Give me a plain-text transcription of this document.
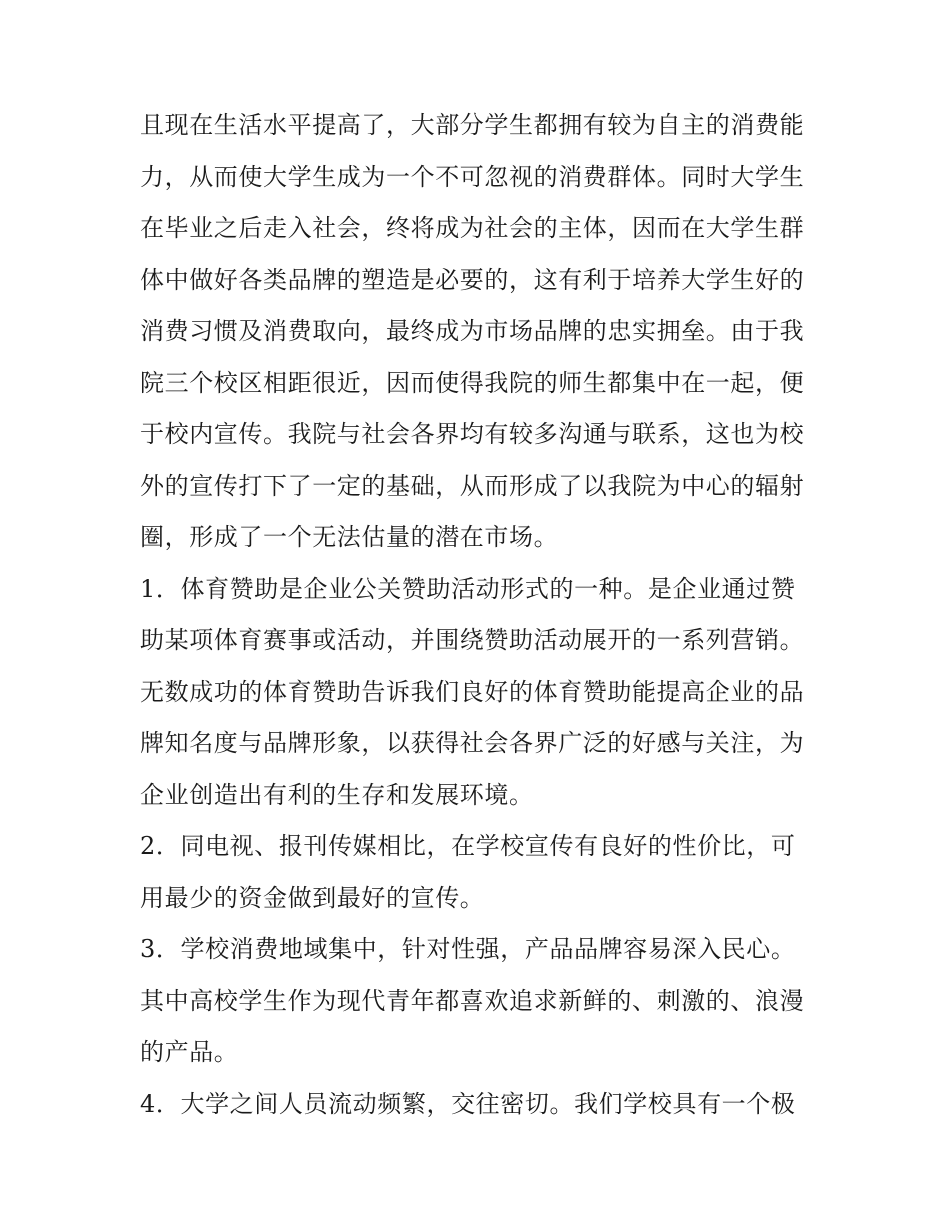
且现在生活水平提高了，大部分学生都拥有较为自主的消费能
力，从而使大学生成为一个不可忽视的消费群体。同时大学生
在毕业之后走入社会，终将成为社会的主体，因而在大学生群
体中做好各类品牌的塑造是必要的，这有利于培养大学生好的
消费习惯及消费取向，最终成为市场品牌的忠实拥垒。由于我
院三个校区相距很近，因而使得我院的师生都集中在一起，便
于校内宣传。我院与社会各界均有较多沟通与联系，这也为校
外的宣传打下了一定的基础，从而形成了以我院为中心的辐射
圈，形成了一个无法估量的潜在市场。
1．体育赞助是企业公关赞助活动形式的一种。是企业通过赞
助某项体育赛事或活动，并围绕赞助活动展开的一系列营销。
无数成功的体育赞助告诉我们良好的体育赞助能提高企业的品
牌知名度与品牌形象，以获得社会各界广泛的好感与关注，为
企业创造出有利的生存和发展环境。
2．同电视、报刊传媒相比，在学校宣传有良好的性价比，可
用最少的资金做到最好的宣传。
3．学校消费地域集中，针对性强，产品品牌容易深入民心。
其中高校学生作为现代青年都喜欢追求新鲜的、刺激的、浪漫
的产品。
4．大学之间人员流动频繁，交往密切。我们学校具有一个极
